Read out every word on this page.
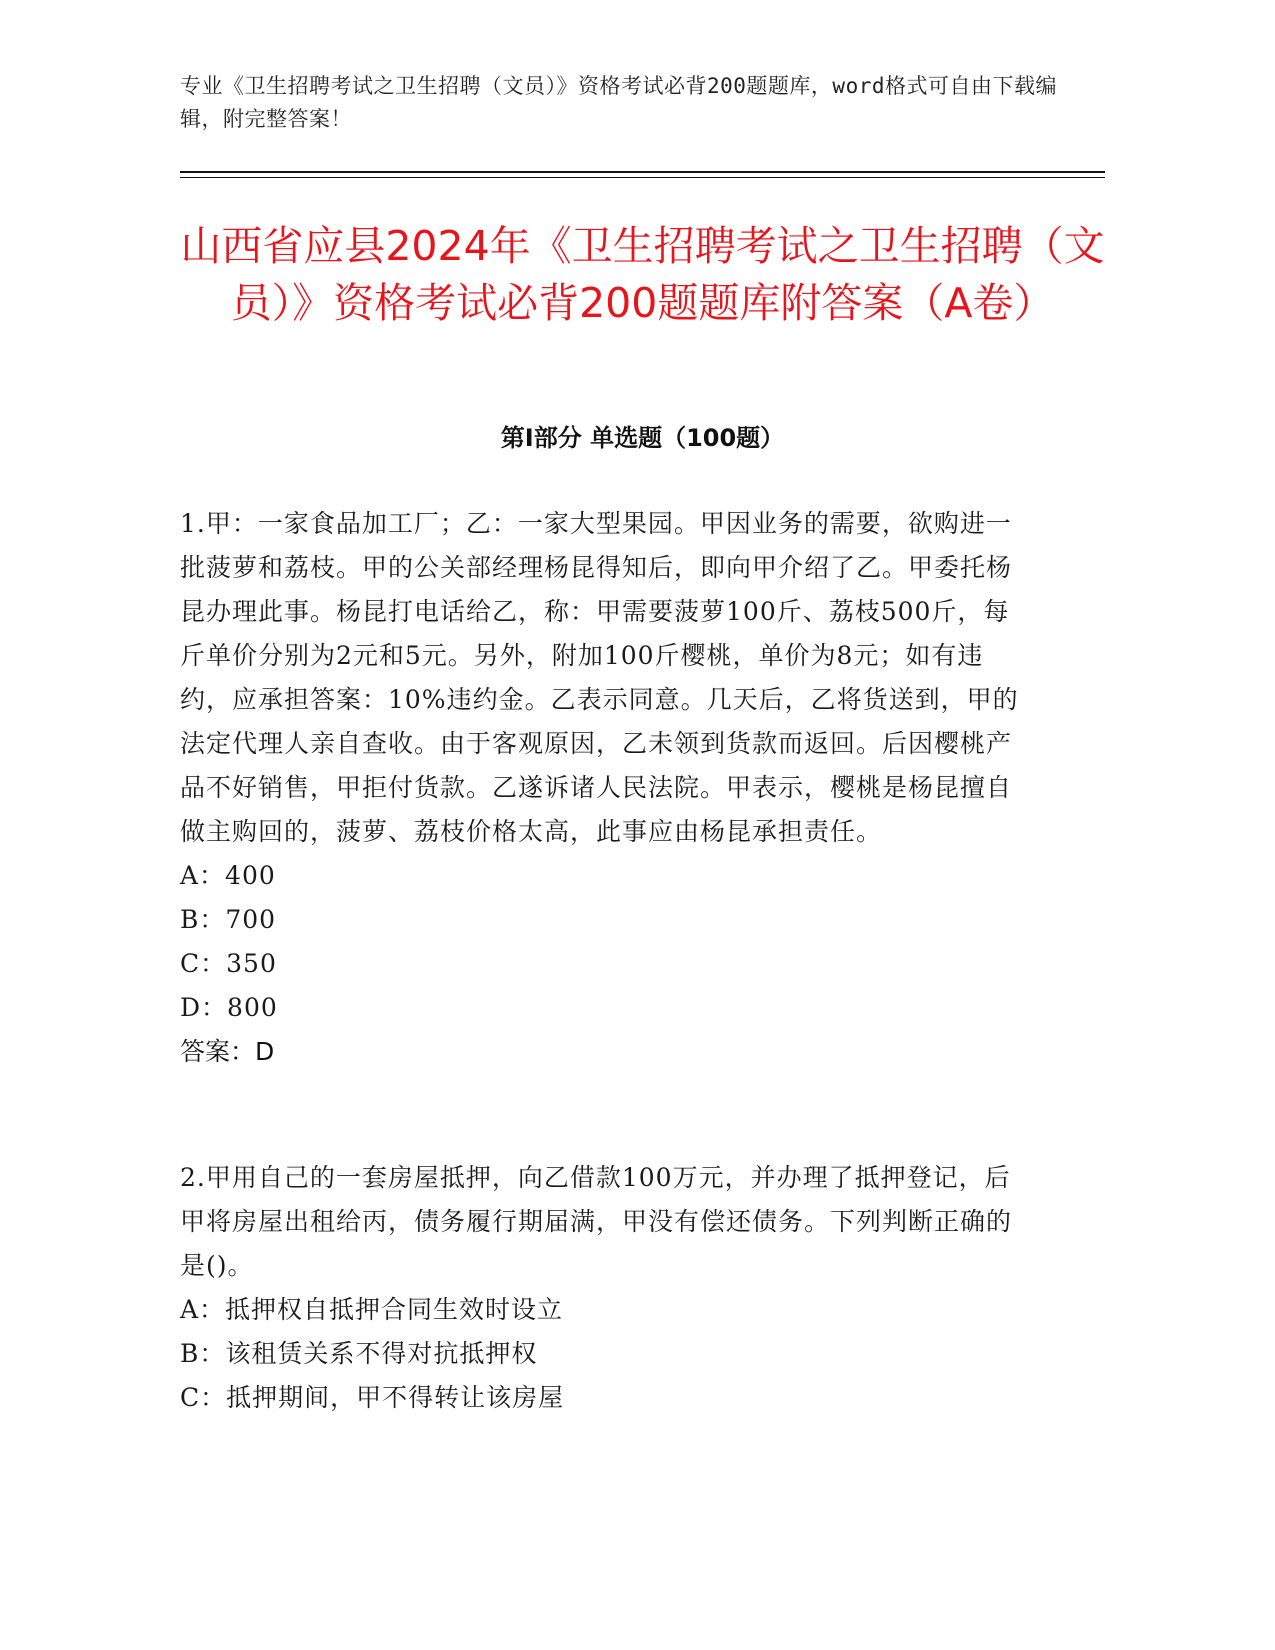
专业《卫生招聘考试之卫生招聘（文员）》资格考试必背200题题库，word格式可自由下载编辑，附完整答案！
山西省应县2024年《卫生招聘考试之卫生招聘（文员）》资格考试必背200题题库附答案（A卷）
第Ⅰ部分 单选题（100题）

1.甲：一家食品加工厂；乙：一家大型果园。甲因业务的需要，欲购进一批菠萝和荔枝。甲的公关部经理杨昆得知后，即向甲介绍了乙。甲委托杨昆办理此事。杨昆打电话给乙，称：甲需要菠萝100斤、荔枝500斤，每斤单价分别为2元和5元。另外，附加100斤樱桃，单价为8元；如有违约，应承担答案：10%违约金。乙表示同意。几天后，乙将货送到，甲的法定代理人亲自查收。由于客观原因，乙未领到货款而返回。后因樱桃产品不好销售，甲拒付货款。乙遂诉诸人民法院。甲表示，樱桃是杨昆擅自做主购回的，菠萝、荔枝价格太高，此事应由杨昆承担责任。

A：400

B：700

C：350

D：800

答案：D

2.甲用自己的一套房屋抵押，向乙借款100万元，并办理了抵押登记，后甲将房屋出租给丙，债务履行期届满，甲没有偿还债务。下列判断正确的是()。

A：抵押权自抵押合同生效时设立

B：该租赁关系不得对抗抵押权

C：抵押期间，甲不得转让该房屋
